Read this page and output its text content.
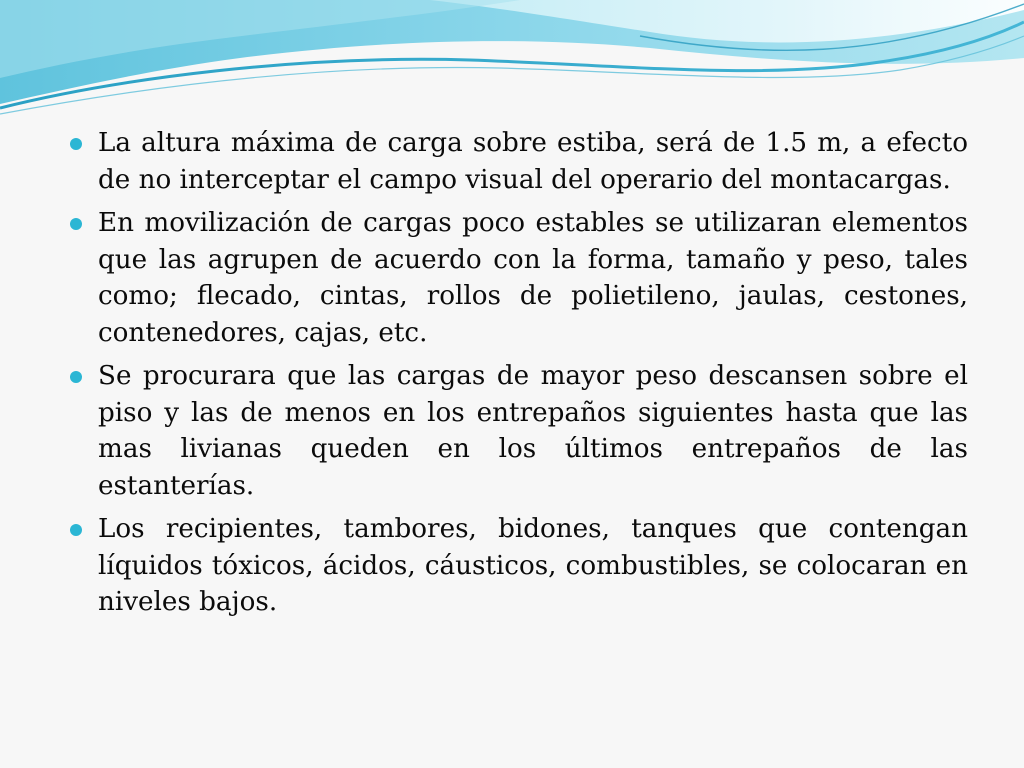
La altura máxima de carga sobre estiba, será de 1.5 m, a efecto de no interceptar el campo visual del operario del montacargas.
En movilización de cargas poco estables se utilizaran elementos que las agrupen de acuerdo con la forma, tamaño y peso, tales como; flecado, cintas, rollos de polietileno, jaulas, cestones, contenedores, cajas, etc.
Se procurara que las cargas de mayor peso descansen sobre el piso y las de menos en los entrepaños siguientes hasta que las mas livianas queden en los últimos entrepaños de las estanterías.
Los recipientes, tambores, bidones, tanques que contengan líquidos tóxicos, ácidos, cáusticos, combustibles, se colocaran en niveles bajos.
